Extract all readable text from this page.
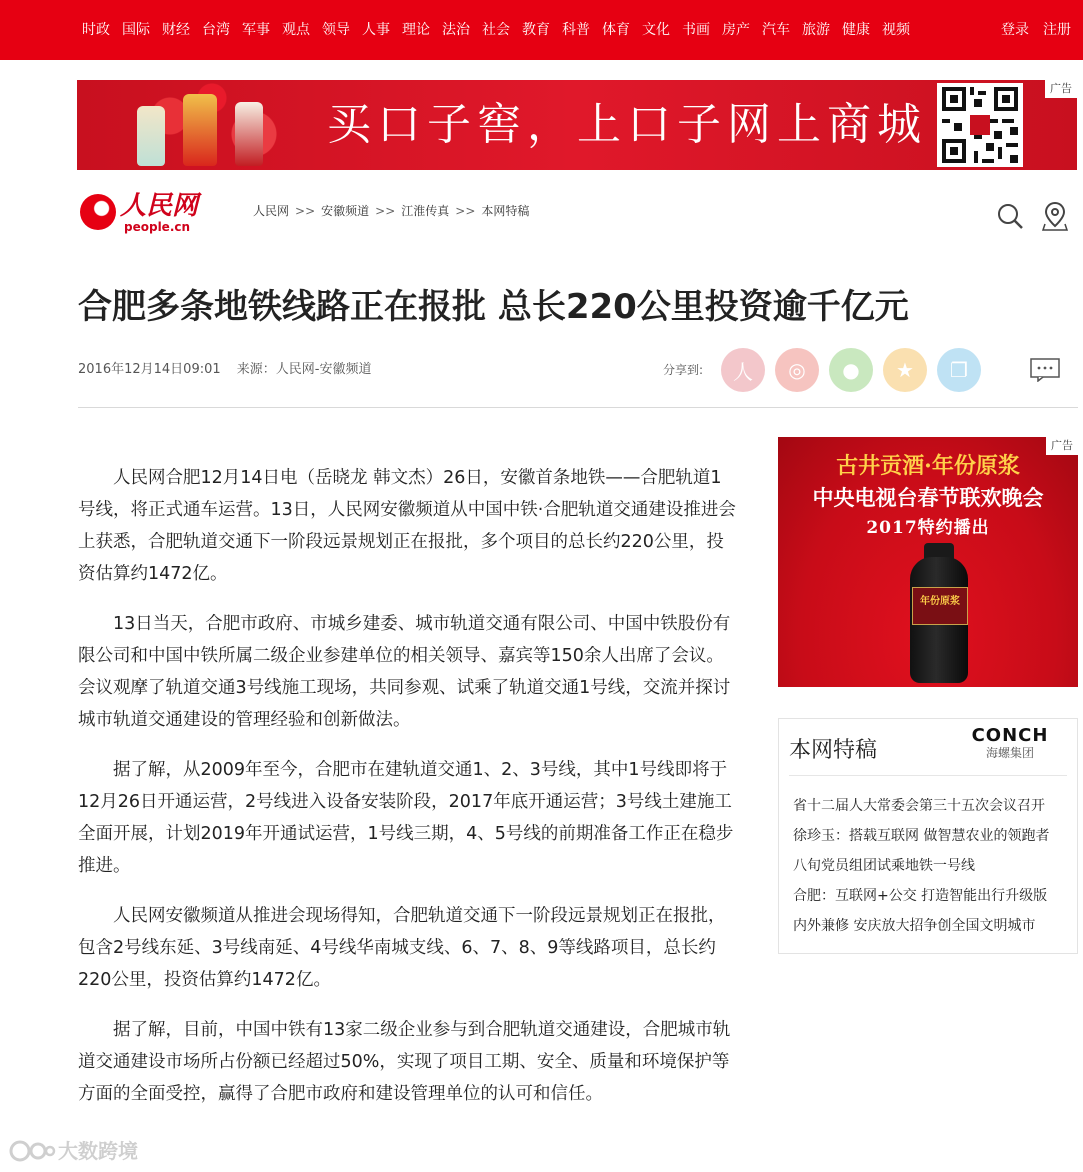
时政 国际 财经 台湾 军事 观点 领导 人事 理论 法治 社会 教育 科普 体育 文化 书画 房产 汽车 旅游 健康 视频	登录 注册
买口子窖，上口子网上商城
广告
人民网
people.cn
人民网 >> 安徽频道 >> 江淮传真 >> 本网特稿
合肥多条地铁线路正在报批 总长220公里投资逾千亿元
2016年12月14日09:01 来源：人民网-安徽频道	分享到: 人 ◎ ● ★ ❐

人民网合肥12月14日电（岳晓龙 韩文杰）26日，安徽首条地铁——合肥轨道1号线，将正式通车运营。13日，人民网安徽频道从中国中铁·合肥轨道交通建设推进会上获悉，合肥轨道交通下一阶段远景规划正在报批，多个项目的总长约220公里，投资估算约1472亿。

13日当天，合肥市政府、市城乡建委、城市轨道交通有限公司、中国中铁股份有限公司和中国中铁所属二级企业参建单位的相关领导、嘉宾等150余人出席了会议。会议观摩了轨道交通3号线施工现场，共同参观、试乘了轨道交通1号线，交流并探讨城市轨道交通建设的管理经验和创新做法。

据了解，从2009年至今，合肥市在建轨道交通1、2、3号线，其中1号线即将于12月26日开通运营，2号线进入设备安装阶段，2017年底开通运营；3号线土建施工全面开展，计划2019年开通试运营，1号线三期，4、5号线的前期准备工作正在稳步推进。

人民网安徽频道从推进会现场得知，合肥轨道交通下一阶段远景规划正在报批，包含2号线东延、3号线南延、4号线华南城支线、6、7、8、9等线路项目，总长约220公里，投资估算约1472亿。

据了解，目前，中国中铁有13家二级企业参与到合肥轨道交通建设，合肥城市轨道交通建设市场所占份额已经超过50%，实现了项目工期、安全、质量和环境保护等方面的全面受控，赢得了合肥市政府和建设管理单位的认可和信任。

古井贡酒·年份原浆
中央电视台春节联欢晚会
2017特约播出
年份原浆
广告
本网特稿
CONCH
海螺集团
省十二届人大常委会第三十五次会议召开
徐珍玉：搭载互联网 做智慧农业的领跑者
八旬党员组团试乘地铁一号线
合肥：互联网+公交 打造智能出行升级版
内外兼修 安庆放大招争创全国文明城市
大数跨境
